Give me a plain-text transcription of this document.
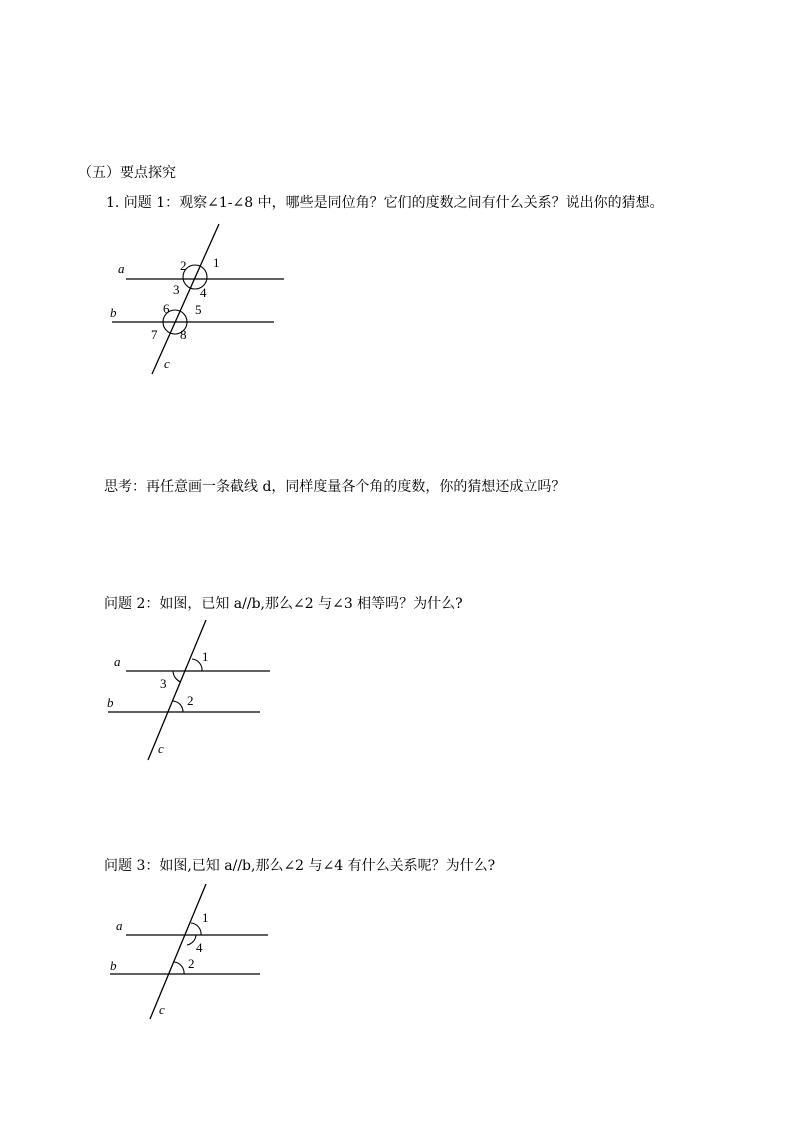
（五）要点探究
1. 问题 1：观察∠1-∠8 中，哪些是同位角？它们的度数之间有什么关系？说出你的猜想。
a
b
c
1
2
3 4
5
6
7 8
思考：再任意画一条截线 d，同样度量各个角的度数，你的猜想还成立吗？
问题 2：如图，已知 a//b,那么∠2 与∠3 相等吗？为什么?
a
b
c
1
3
2
问题 3：如图,已知 a//b,那么∠2 与∠4 有什么关系呢？为什么?
a
b
c
1
4
2
